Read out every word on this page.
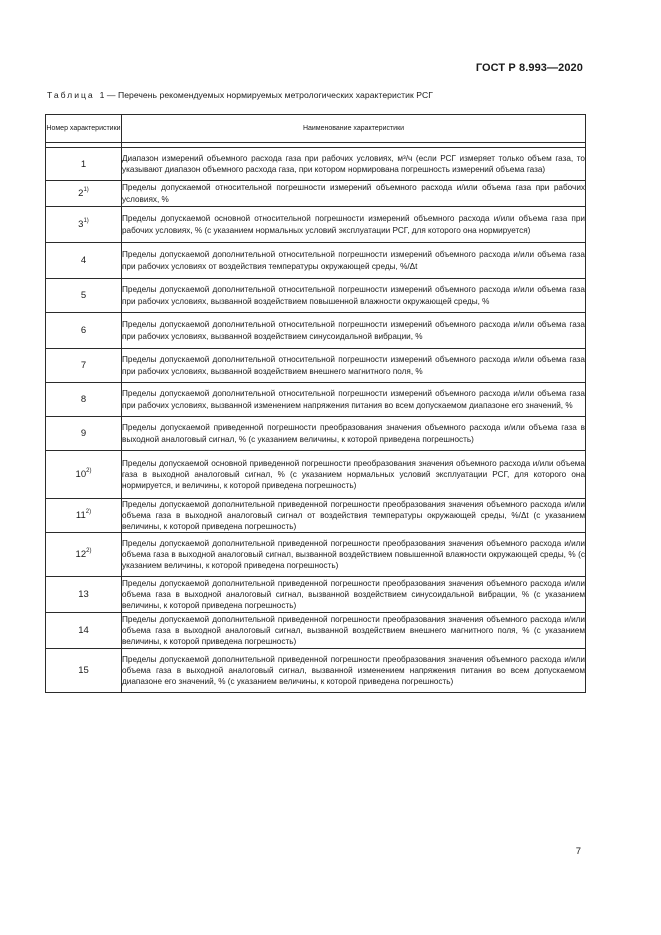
ГОСТ Р 8.993—2020
Таблица 1 — Перечень рекомендуемых нормируемых метрологических характеристик РСГ
Номер характеристики	Наименование характеристики

1	Диапазон измерений объемного расхода газа при рабочих условиях, м³/ч (если РСГ измеряет только объем газа, то указывают диапазон объемного расхода газа, при котором нормирована погрешность измерений объема газа)
2$^{1)}$	Пределы допускаемой относительной погрешности измерений объемного расхода и/или объема газа при рабочих условиях, %
3$^{1)}$	Пределы допускаемой основной относительной погрешности измерений объемного расхода и/или объема газа при рабочих условиях, % (с указанием нормальных условий эксплуатации РСГ, для которого она нормируется)
4	Пределы допускаемой дополнительной относительной погрешности измерений объемного расхода и/или объема газа при рабочих условиях от воздействия температуры окружающей среды, %/Δt
5	Пределы допускаемой дополнительной относительной погрешности измерений объемного расхода и/или объема газа при рабочих условиях, вызванной воздействием повышенной влажности окружающей среды, %
6	Пределы допускаемой дополнительной относительной погрешности измерений объемного расхода и/или объема газа при рабочих условиях, вызванной воздействием синусоидальной вибрации, %
7	Пределы допускаемой дополнительной относительной погрешности измерений объемного расхода и/или объема газа при рабочих условиях, вызванной воздействием внешнего магнитного поля, %
8	Пределы допускаемой дополнительной относительной погрешности измерений объемного расхода и/или объема газа при рабочих условиях, вызванной изменением напряжения питания во всем допускаемом диапазоне его значений, %
9	Пределы допускаемой приведенной погрешности преобразования значения объемного расхода и/или объема газа в выходной аналоговый сигнал, % (с указанием величины, к которой приведена погрешность)
10$^{2)}$	Пределы допускаемой основной приведенной погрешности преобразования значения объемного расхода и/или объема газа в выходной аналоговый сигнал, % (с указанием нормальных условий эксплуатации РСГ, для которого она нормируется, и величины, к которой приведена погрешность)
11$^{2)}$	Пределы допускаемой дополнительной приведенной погрешности преобразования значения объемного расхода и/или объема газа в выходной аналоговый сигнал от воздействия температуры окружающей среды, %/Δt (с указанием величины, к которой приведена погрешность)
12$^{2)}$	Пределы допускаемой дополнительной приведенной погрешности преобразования значения объемного расхода и/или объема газа в выходной аналоговый сигнал, вызванной воздействием повышенной влажности окружающей среды, % (с указанием величины, к которой приведена погрешность)
13	Пределы допускаемой дополнительной приведенной погрешности преобразования значения объемного расхода и/или объема газа в выходной аналоговый сигнал, вызванной воздействием синусоидальной вибрации, % (с указанием величины, к которой приведена погрешность)
14	Пределы допускаемой дополнительной приведенной погрешности преобразования значения объемного расхода и/или объема газа в выходной аналоговый сигнал, вызванной воздействием внешнего магнитного поля, % (с указанием величины, к которой приведена погрешность)
15	Пределы допускаемой дополнительной приведенной погрешности преобразования значения объемного расхода и/или объема газа в выходной аналоговый сигнал, вызванной изменением напряжения питания во всем допускаемом диапазоне его значений, % (с указанием величины, к которой приведена погрешность)
7
